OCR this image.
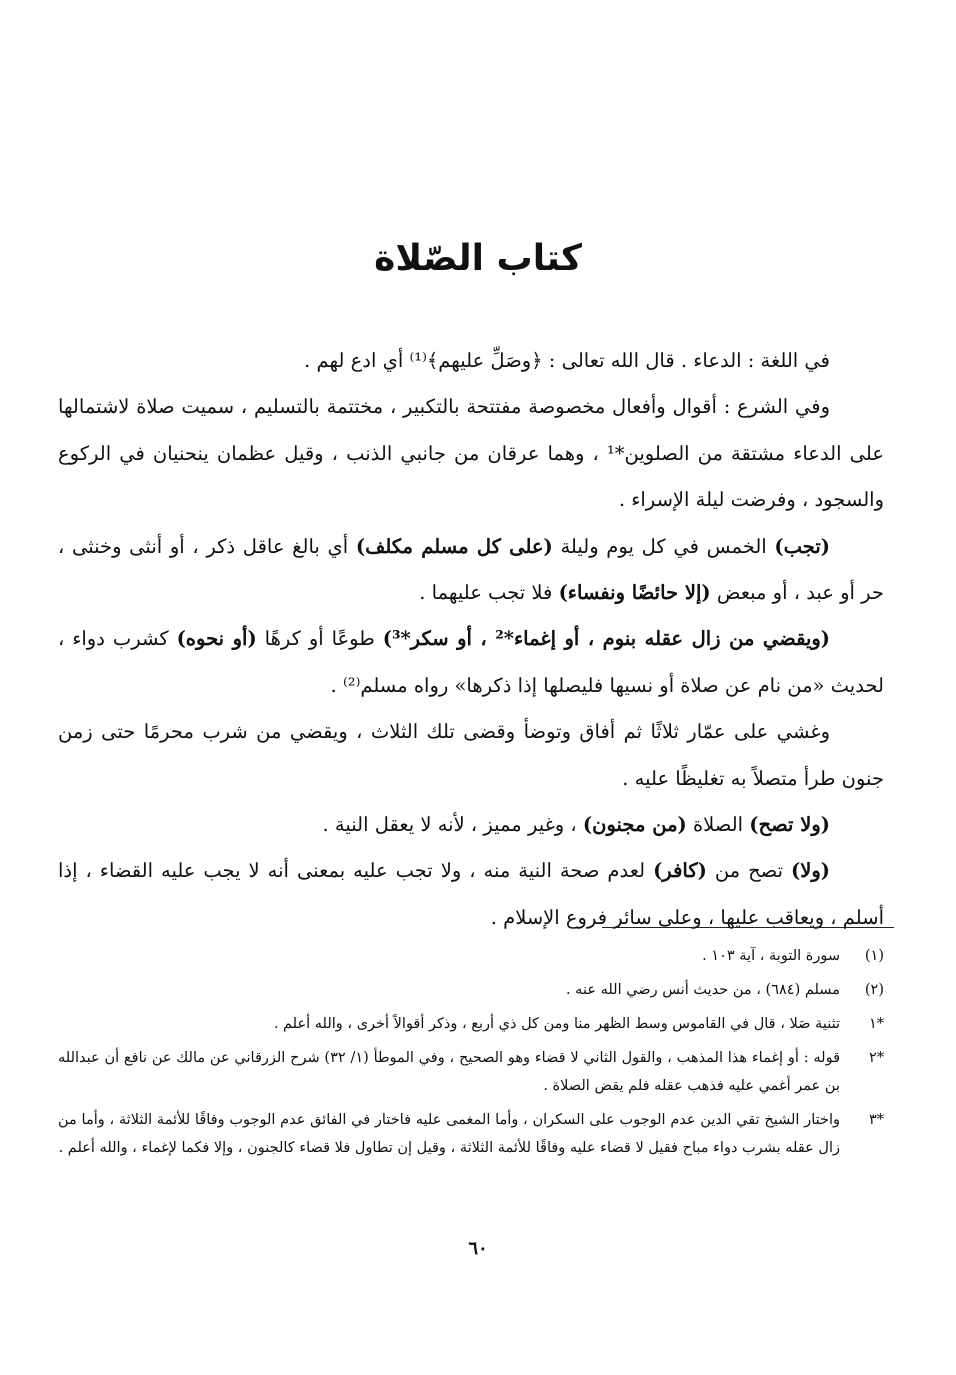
كتاب الصّلاة

في اللغة : الدعاء . قال الله تعالى : ﴿وصَلِّ عليهم﴾⁽¹⁾ أي ادع لهم .

وفي الشرع : أقوال وأفعال مخصوصة مفتتحة بالتكبير ، مختتمة بالتسليم ، سميت صلاة لاشتمالها على الدعاء مشتقة من الصلوين*¹ ، وهما عرقان من جانبي الذنب ، وقيل عظمان ينحنيان في الركوع والسجود ، وفرضت ليلة الإسراء .

(تجب) الخمس في كل يوم وليلة (على كل مسلم مكلف) أي بالغ عاقل ذكر ، أو أنثى وخنثى ، حر أو عبد ، أو مبعض (إلا حائضًا ونفساء) فلا تجب عليهما .

(ويقضي من زال عقله بنوم ، أو إغماء*² ، أو سكر*³) طوعًا أو كرهًا (أو نحوه) كشرب دواء ، لحديث «من نام عن صلاة أو نسيها فليصلها إذا ذكرها» رواه مسلم⁽²⁾ .

وغشي على عمّار ثلاثًا ثم أفاق وتوضأ وقضى تلك الثلاث ، ويقضي من شرب محرمًا حتى زمن جنون طرأ متصلاً به تغليظًا عليه .

(ولا تصح) الصلاة (من مجنون) ، وغير مميز ، لأنه لا يعقل النية .

(ولا) تصح من (كافر) لعدم صحة النية منه ، ولا تجب عليه بمعنى أنه لا يجب عليه القضاء ، إذا أسلم ، ويعاقب عليها ، وعلى سائر فروع الإسلام .

(١)
سورة التوبة ، آية ١٠٣ .
(٢)
مسلم (٦٨٤) ، من حديث أنس رضي الله عنه .
*١
تثنية صَلا ، قال في القاموس وسط الظهر منا ومن كل ذي أربع ، وذكر أقوالاً أخرى ، والله أعلم .
*٢
قوله : أو إغماء هذا المذهب ، والقول الثاني لا قضاء وهو الصحيح ، وفي الموطأ (١/ ٣٢) شرح الزرقاني عن مالك عن نافع أن عبدالله بن عمر أغمي عليه فذهب عقله فلم يقض الصلاة .
*٣
واختار الشيخ تقي الدين عدم الوجوب على السكران ، وأما المغمى عليه فاختار في الفائق عدم الوجوب وفاقًا للأئمة الثلاثة ، وأما من زال عقله بشرب دواء مباح فقيل لا قضاء عليه وفاقًا للأئمة الثلاثة ، وقيل إن تطاول فلا قضاء كالجنون ، وإلا فكما لإغماء ، والله أعلم .
٦٠
